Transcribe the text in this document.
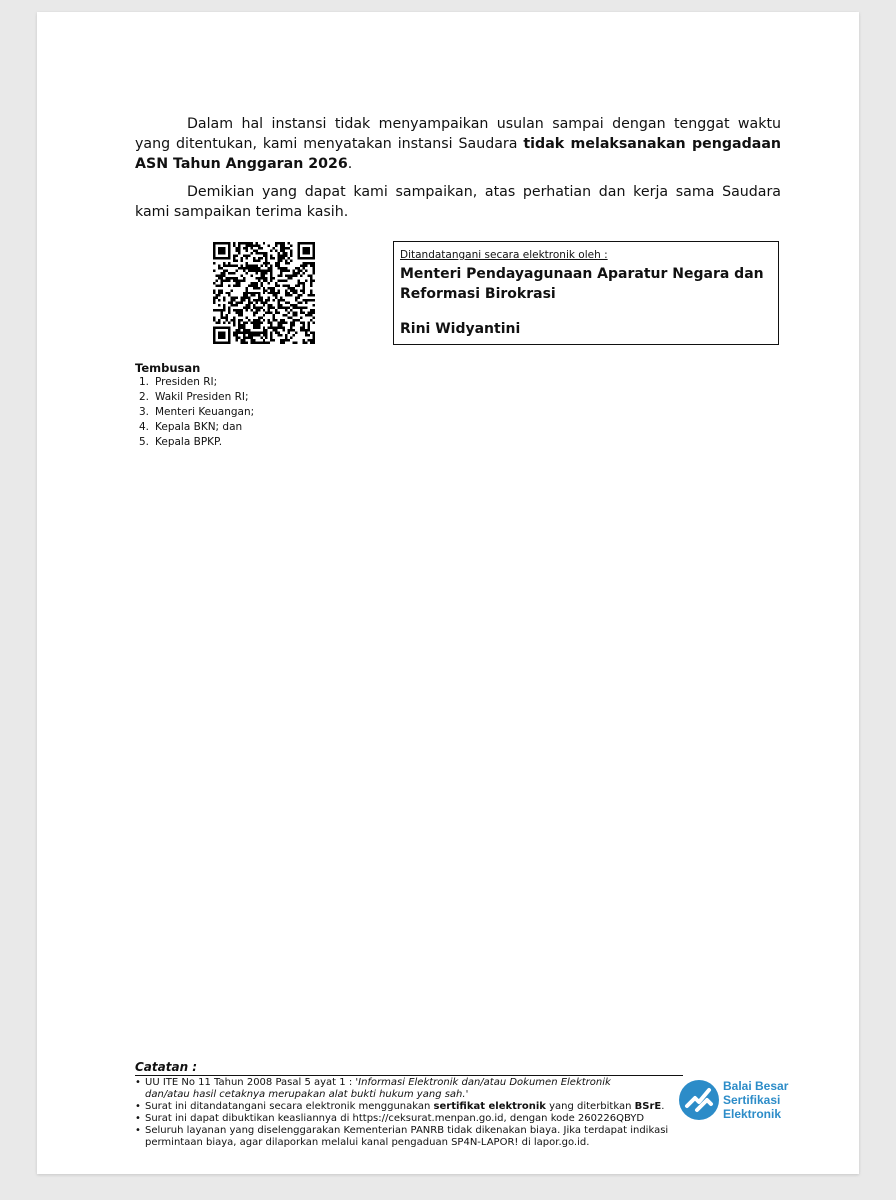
Dalam hal instansi tidak menyampaikan usulan sampai dengan tenggat waktu yang ditentukan, kami menyatakan instansi Saudara tidak melaksanakan pengadaan ASN Tahun Anggaran 2026.

Demikian yang dapat kami sampaikan, atas perhatian dan kerja sama Saudara kami sampaikan terima kasih.

Ditandatangani secara elektronik oleh :
Menteri Pendayagunaan Aparatur Negara dan Reformasi Birokrasi
Rini Widyantini
Tembusan
1. Presiden RI;
2. Wakil Presiden RI;
3. Menteri Keuangan;
4. Kepala BKN; dan
5. Kepala BPKP.
Catatan :
• UU ITE No 11 Tahun 2008 Pasal 5 ayat 1 : 'Informasi Elektronik dan/atau Dokumen Elektronik dan/atau hasil cetaknya merupakan alat bukti hukum yang sah.'
• Surat ini ditandatangani secara elektronik menggunakan sertifikat elektronik yang diterbitkan BSrE.
• Surat ini dapat dibuktikan keasliannya di https://ceksurat.menpan.go.id, dengan kode 260226QBYD
• Seluruh layanan yang diselenggarakan Kementerian PANRB tidak dikenakan biaya. Jika terdapat indikasi permintaan biaya, agar dilaporkan melalui kanal pengaduan SP4N-LAPOR! di lapor.go.id.
Balai Besar
Sertifikasi
Elektronik
